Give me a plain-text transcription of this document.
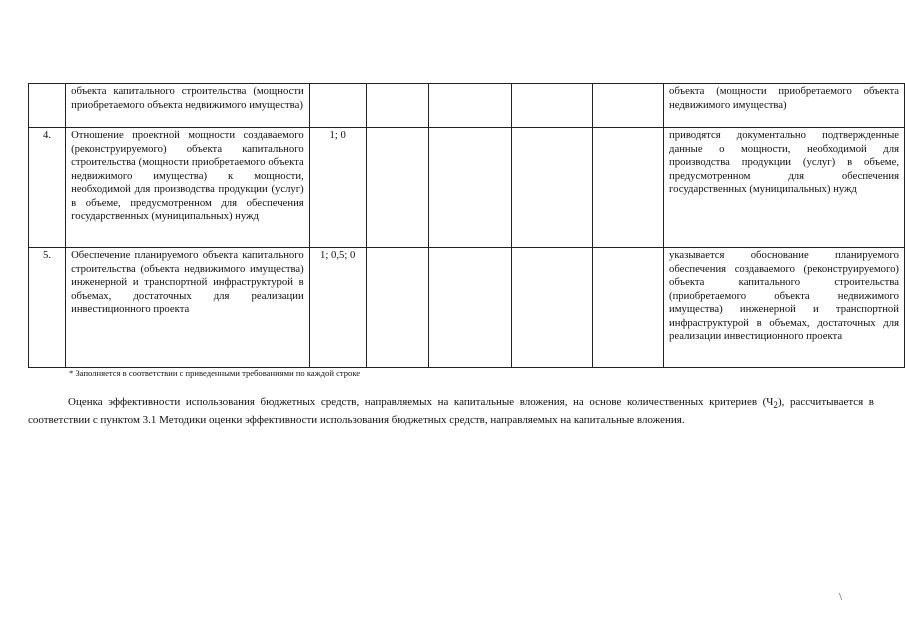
	объекта капитального строительства (мощности приобретаемого объекта недвижимого имущества)						объекта (мощности приобретаемого объекта недвижимого имущества)
4.	Отношение проектной мощности создаваемого (реконструируемого) объекта капитального строительства (мощности приобретаемого объекта недвижимого имущества) к мощности, необходимой для производства продукции (услуг) в объеме, предусмотренном для обеспечения государственных (муниципальных) нужд	1; 0					приводятся документально подтвержденные данные о мощности, необходимой для производства продукции (услуг) в объеме, предусмотренном для обеспечения государственных (муниципальных) нужд
5.	Обеспечение планируемого объекта капитального строительства (объекта недвижимого имущества) инженерной и транспортной инфраструктурой в объемах, достаточных для реализации инвестиционного проекта	1; 0,5; 0					указывается обоснование планируемого обеспечения создаваемого (реконструируемого) объекта капитального строительства (приобретаемого объекта недвижимого имущества) инженерной и транспортной инфраструктурой в объемах, достаточных для реализации инвестиционного проекта
* Заполняется в соответствии с приведенными требованиями по каждой строке
Оценка эффективности использования бюджетных средств, направляемых на капитальные вложения, на основе количественных критериев $(Ч_2)$, рассчитывается в соответствии с пунктом 3.1 Методики оценки эффективности использования бюджетных средств, направляемых на капитальные вложения.
\
